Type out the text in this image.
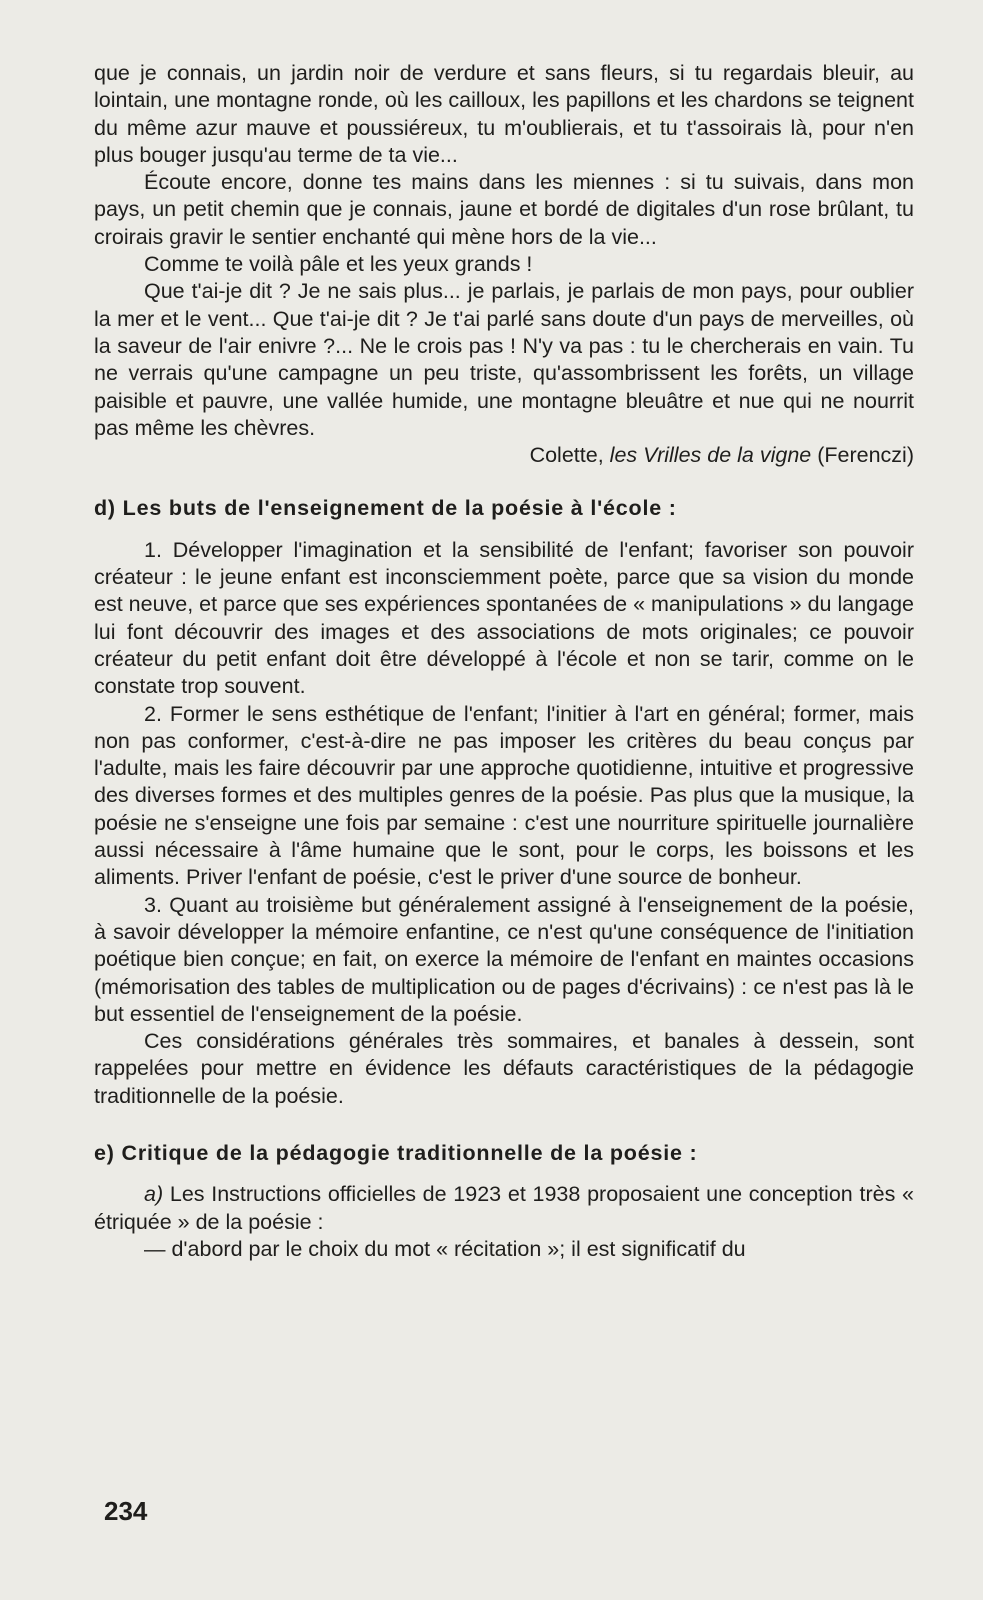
que je connais, un jardin noir de verdure et sans fleurs, si tu regardais bleuir, au lointain, une montagne ronde, où les cailloux, les papillons et les chardons se teignent du même azur mauve et poussiéreux, tu m'oublierais, et tu t'assoirais là, pour n'en plus bouger jusqu'au terme de ta vie...

Écoute encore, donne tes mains dans les miennes : si tu suivais, dans mon pays, un petit chemin que je connais, jaune et bordé de digitales d'un rose brûlant, tu croirais gravir le sentier enchanté qui mène hors de la vie...

Comme te voilà pâle et les yeux grands !

Que t'ai-je dit ? Je ne sais plus... je parlais, je parlais de mon pays, pour oublier la mer et le vent... Que t'ai-je dit ? Je t'ai parlé sans doute d'un pays de merveilles, où la saveur de l'air enivre ?... Ne le crois pas ! N'y va pas : tu le chercherais en vain. Tu ne verrais qu'une campagne un peu triste, qu'assombrissent les forêts, un village paisible et pauvre, une vallée humide, une montagne bleuâtre et nue qui ne nourrit pas même les chèvres.

Colette, les Vrilles de la vigne (Ferenczi)

d) Les buts de l'enseignement de la poésie à l'école :

1. Développer l'imagination et la sensibilité de l'enfant; favoriser son pouvoir créateur : le jeune enfant est inconsciemment poète, parce que sa vision du monde est neuve, et parce que ses expériences spontanées de « manipulations » du langage lui font découvrir des images et des associations de mots originales; ce pouvoir créateur du petit enfant doit être développé à l'école et non se tarir, comme on le constate trop souvent.

2. Former le sens esthétique de l'enfant; l'initier à l'art en général; former, mais non pas conformer, c'est-à-dire ne pas imposer les critères du beau conçus par l'adulte, mais les faire découvrir par une approche quotidienne, intuitive et progressive des diverses formes et des multiples genres de la poésie. Pas plus que la musique, la poésie ne s'enseigne une fois par semaine : c'est une nourriture spirituelle journalière aussi nécessaire à l'âme humaine que le sont, pour le corps, les boissons et les aliments. Priver l'enfant de poésie, c'est le priver d'une source de bonheur.

3. Quant au troisième but généralement assigné à l'enseignement de la poésie, à savoir développer la mémoire enfantine, ce n'est qu'une conséquence de l'initiation poétique bien conçue; en fait, on exerce la mémoire de l'enfant en maintes occasions (mémorisation des tables de multiplication ou de pages d'écrivains) : ce n'est pas là le but essentiel de l'enseignement de la poésie.

Ces considérations générales très sommaires, et banales à dessein, sont rappelées pour mettre en évidence les défauts caractéristiques de la pédagogie traditionnelle de la poésie.

e) Critique de la pédagogie traditionnelle de la poésie :

a) Les Instructions officielles de 1923 et 1938 proposaient une conception très « étriquée » de la poésie :

— d'abord par le choix du mot « récitation »; il est significatif du

234
